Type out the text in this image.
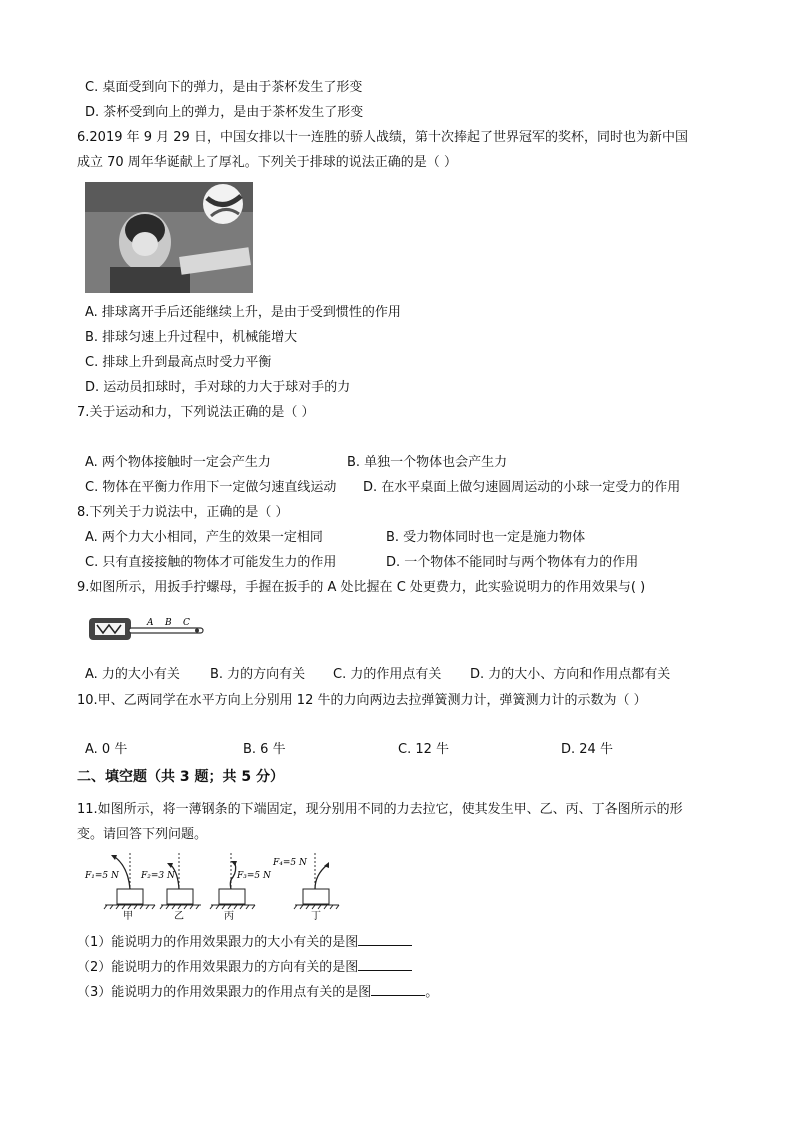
C. 桌面受到向下的弹力，是由于茶杯发生了形变
D. 茶杯受到向上的弹力，是由于茶杯发生了形变
6.2019 年 9 月 29 日，中国女排以十一连胜的骄人战绩，第十次捧起了世界冠军的奖杯，同时也为新中国
成立 70 周年华诞献上了厚礼。下列关于排球的说法正确的是（ ）
A. 排球离开手后还能继续上升，是由于受到惯性的作用
B. 排球匀速上升过程中，机械能增大
C. 排球上升到最高点时受力平衡
D. 运动员扣球时，手对球的力大于球对手的力
7.关于运动和力，下列说法正确的是（ ）
A. 两个物体接触时一定会产生力	B. 单独一个物体也会产生力
C. 物体在平衡力作用下一定做匀速直线运动 D. 在水平桌面上做匀速圆周运动的小球一定受力的作用
8.下列关于力说法中，正确的是（ ）
A. 两个力大小相同，产生的效果一定相同	B. 受力物体同时也一定是施力物体
C. 只有直接接触的物体才可能发生力的作用	D. 一个物体不能同时与两个物体有力的作用
9.如图所示，用扳手拧螺母，手握在扳手的 A 处比握在 C 处更费力，此实验说明力的作用效果与( )
A B C
A. 力的大小有关 B. 力的方向有关 C. 力的作用点有关 D. 力的大小、方向和作用点都有关
10.甲、乙两同学在水平方向上分别用 12 牛的力向两边去拉弹簧测力计，弹簧测力计的示数为（ ）
A. 0 牛	B. 6 牛	C. 12 牛	D. 24 牛
二、填空题（共 3 题；共 5 分）
11.如图所示，将一薄钢条的下端固定，现分别用不同的力去拉它，使其发生甲、乙、丙、丁各图所示的形
变。请回答下列问题。
F₁=5 N
甲
F₂=3 N
乙
F₃=5 N
丙
F₄=5 N
丁
（1）能说明力的作用效果跟力的大小有关的是图
（2）能说明力的作用效果跟力的方向有关的是图
（3）能说明力的作用效果跟力的作用点有关的是图	。
